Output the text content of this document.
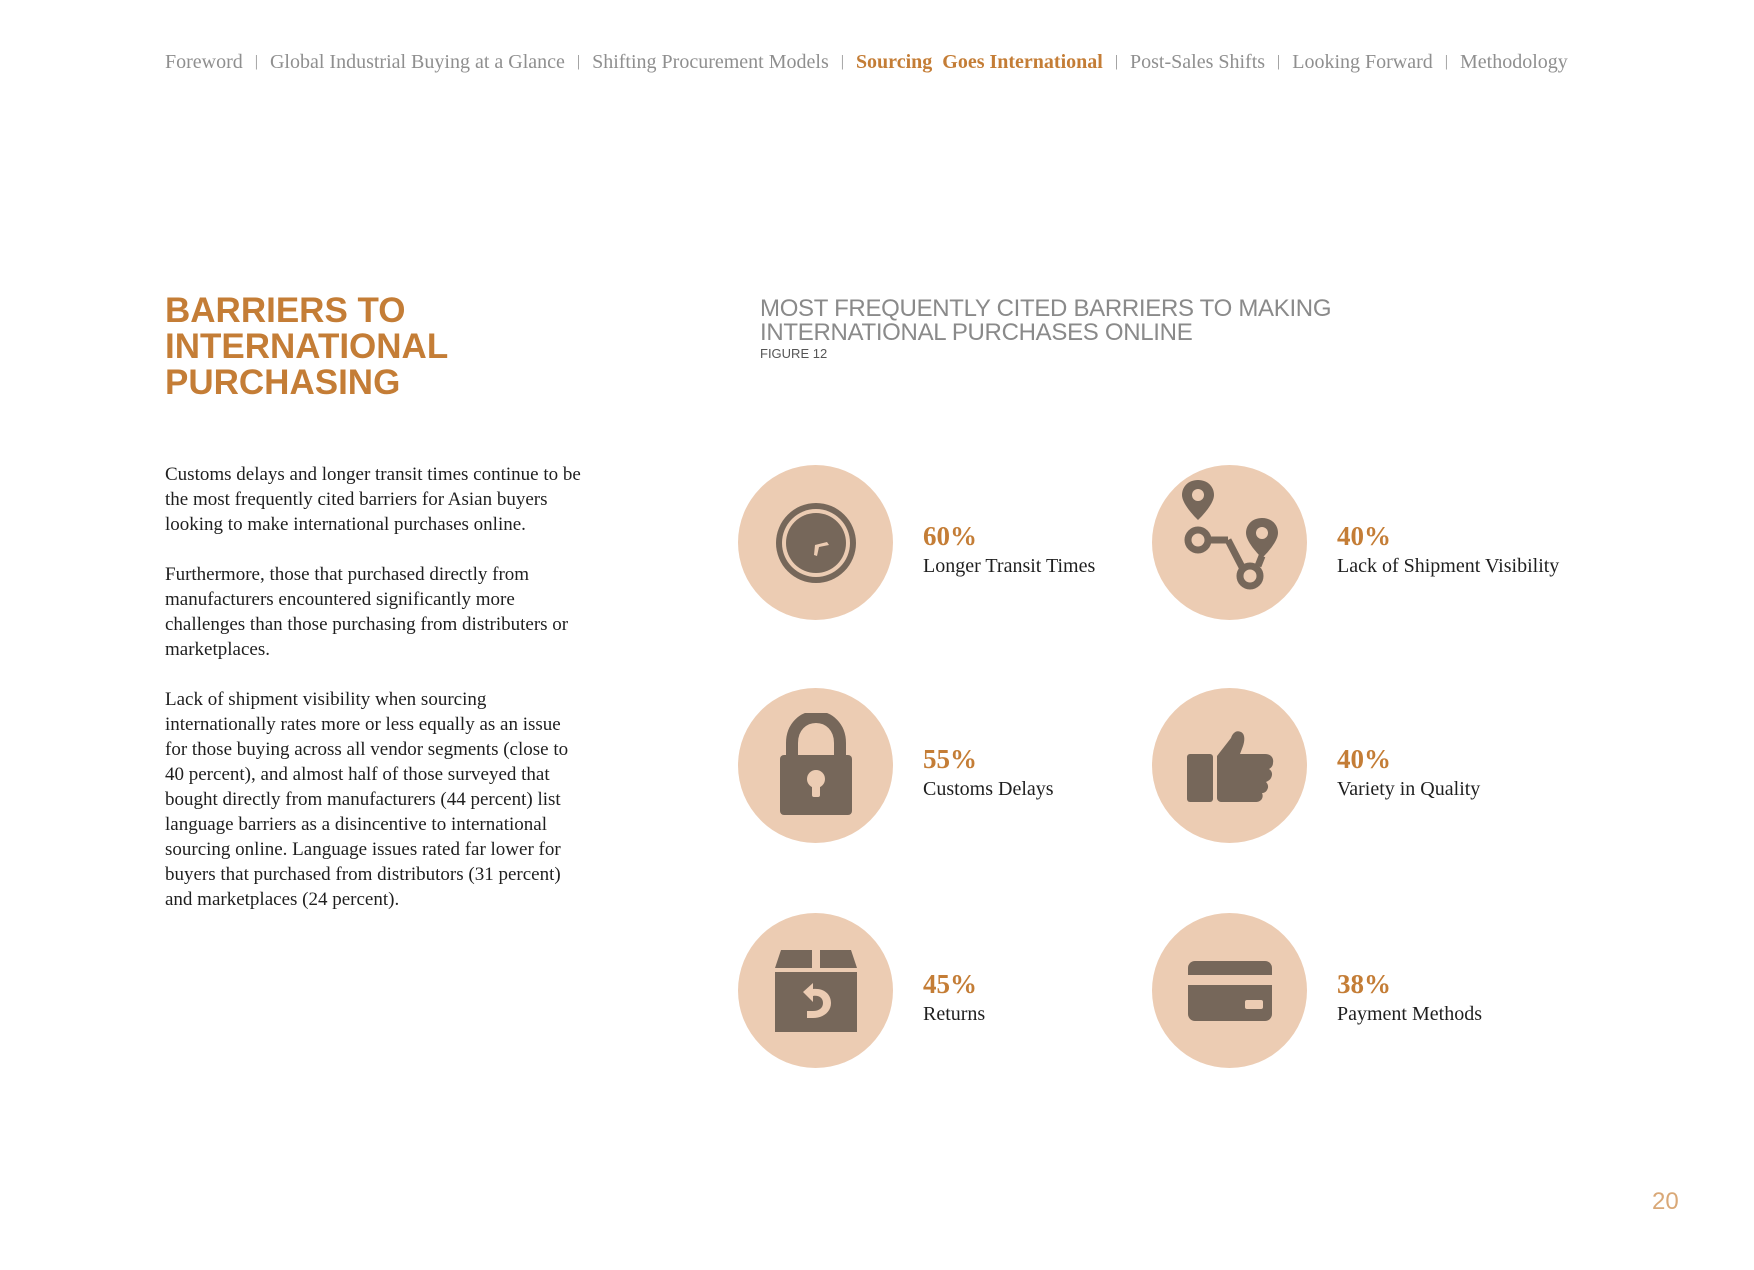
Foreword | Global Industrial Buying at a Glance | Shifting Procurement Models | Sourcing  Goes International | Post-Sales Shifts | Looking Forward | Methodology
BARRIERS TO
INTERNATIONAL
PURCHASING

Customs delays and longer transit times continue to be the most frequently cited barriers for Asian buyers looking to make international purchases online.

Furthermore, those that purchased directly from manufacturers encountered significantly more challenges than those purchasing from distributers or marketplaces.

Lack of shipment visibility when sourcing internationally rates more or less equally as an issue for those buying across all vendor segments (close to 40 percent), and almost half of those surveyed that bought directly from manufacturers (44 percent) list language barriers as a disincentive to international sourcing online. Language issues rated far lower for buyers that purchased from distributors (31 percent) and marketplaces (24 percent).

MOST FREQUENTLY CITED BARRIERS TO MAKING
INTERNATIONAL PURCHASES ONLINE
FIGURE 12
60%
Longer Transit Times
40%
Lack of Shipment Visibility
55%
Customs Delays
40%
Variety in Quality
45%
Returns
38%
Payment Methods
20
